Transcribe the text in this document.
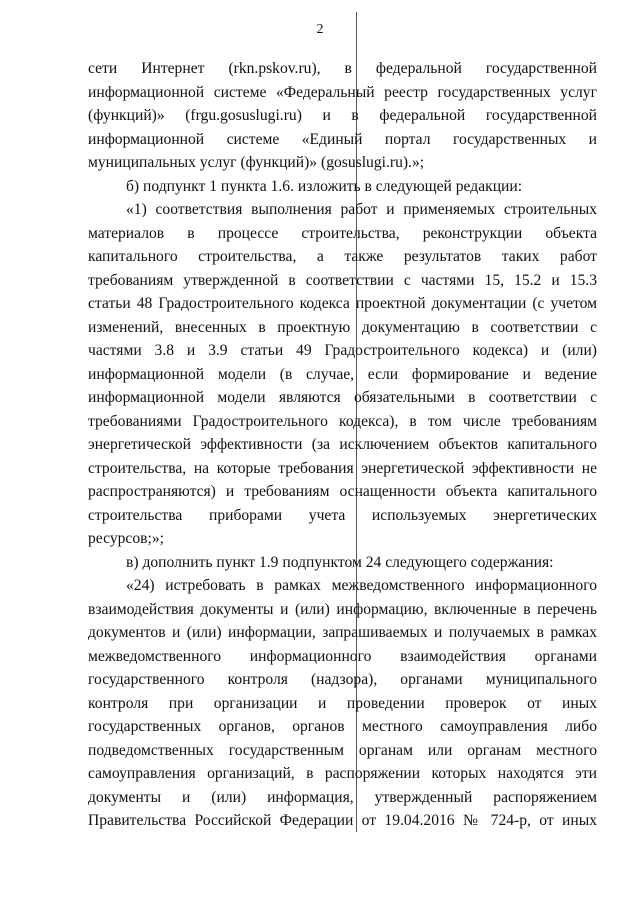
2
сети Интернет (rkn.pskov.ru), в федеральной государственной
информационной системе «Федеральный реестр государственных услуг
(функций)» (frgu.gosuslugi.ru) и в федеральной государственной
информационной системе «Единый портал государственных и
муниципальных услуг (функций)» (gosuslugi.ru).»;
б) подпункт 1 пункта 1.6. изложить в следующей редакции:
«1) соответствия выполнения работ и применяемых строительных
материалов в процессе строительства, реконструкции объекта
капитального строительства, а также результатов таких работ
требованиям утвержденной в соответствии с частями 15, 15.2 и 15.3
статьи 48 Градостроительного кодекса проектной документации (с учетом
изменений, внесенных в проектную документацию в соответствии с
частями 3.8 и 3.9 статьи 49 Градостроительного кодекса) и (или)
информационной модели (в случае, если формирование и ведение
информационной модели являются обязательными в соответствии с
требованиями Градостроительного кодекса), в том числе требованиям
энергетической эффективности (за исключением объектов капитального
строительства, на которые требования энергетической эффективности не
распространяются) и требованиям оснащенности объекта капитального
строительства приборами учета используемых энергетических
ресурсов;»;
в) дополнить пункт 1.9 подпунктом 24 следующего содержания:
«24) истребовать в рамках межведомственного информационного
взаимодействия документы и (или) информацию, включенные в перечень
документов и (или) информации, запрашиваемых и получаемых в рамках
межведомственного информационного взаимодействия органами
государственного контроля (надзора), органами муниципального
контроля при организации и проведении проверок от иных
государственных органов, органов местного самоуправления либо
подведомственных государственным органам или органам местного
самоуправления организаций, в распоряжении которых находятся эти
документы и (или) информация, утвержденный распоряжением
Правительства Российской Федерации от 19.04.2016 № 724-р, от иных
